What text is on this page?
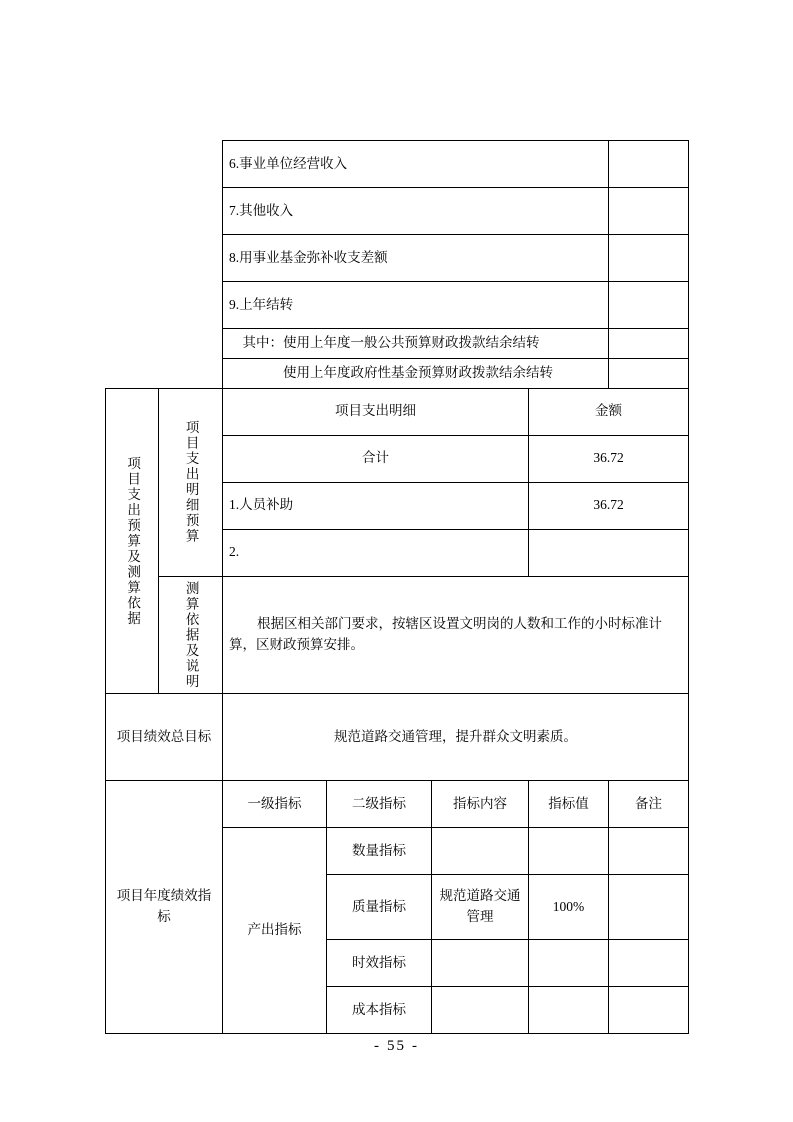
		6.事业单位经营收入				
		7.其他收入				
		8.用事业基金弥补收支差额				
		9.上年结转				
		　其中：使用上年度一般公共预算财政拨款结余结转				
		　　　　使用上年度政府性基金预算财政拨款结余结转				

项目支出预算及测算依据	项目支出明细预算	项目支出明细			金额	
		合计			36.72	
		1.人员补助			36.72	
		2.				

	测算依据及说明	根据区相关部门要求，按辖区设置文明岗的人数和工作的小时标准计算，区财政预算安排。				
项目绩效总目标		规范道路交通管理，提升群众文明素质。				
项目年度绩效指标		一级指标	二级指标	指标内容	指标值	备注
		产出指标	数量指标			
			质量指标	规范道路交通管理	100%	
			时效指标			
			成本指标			
- 55 -
